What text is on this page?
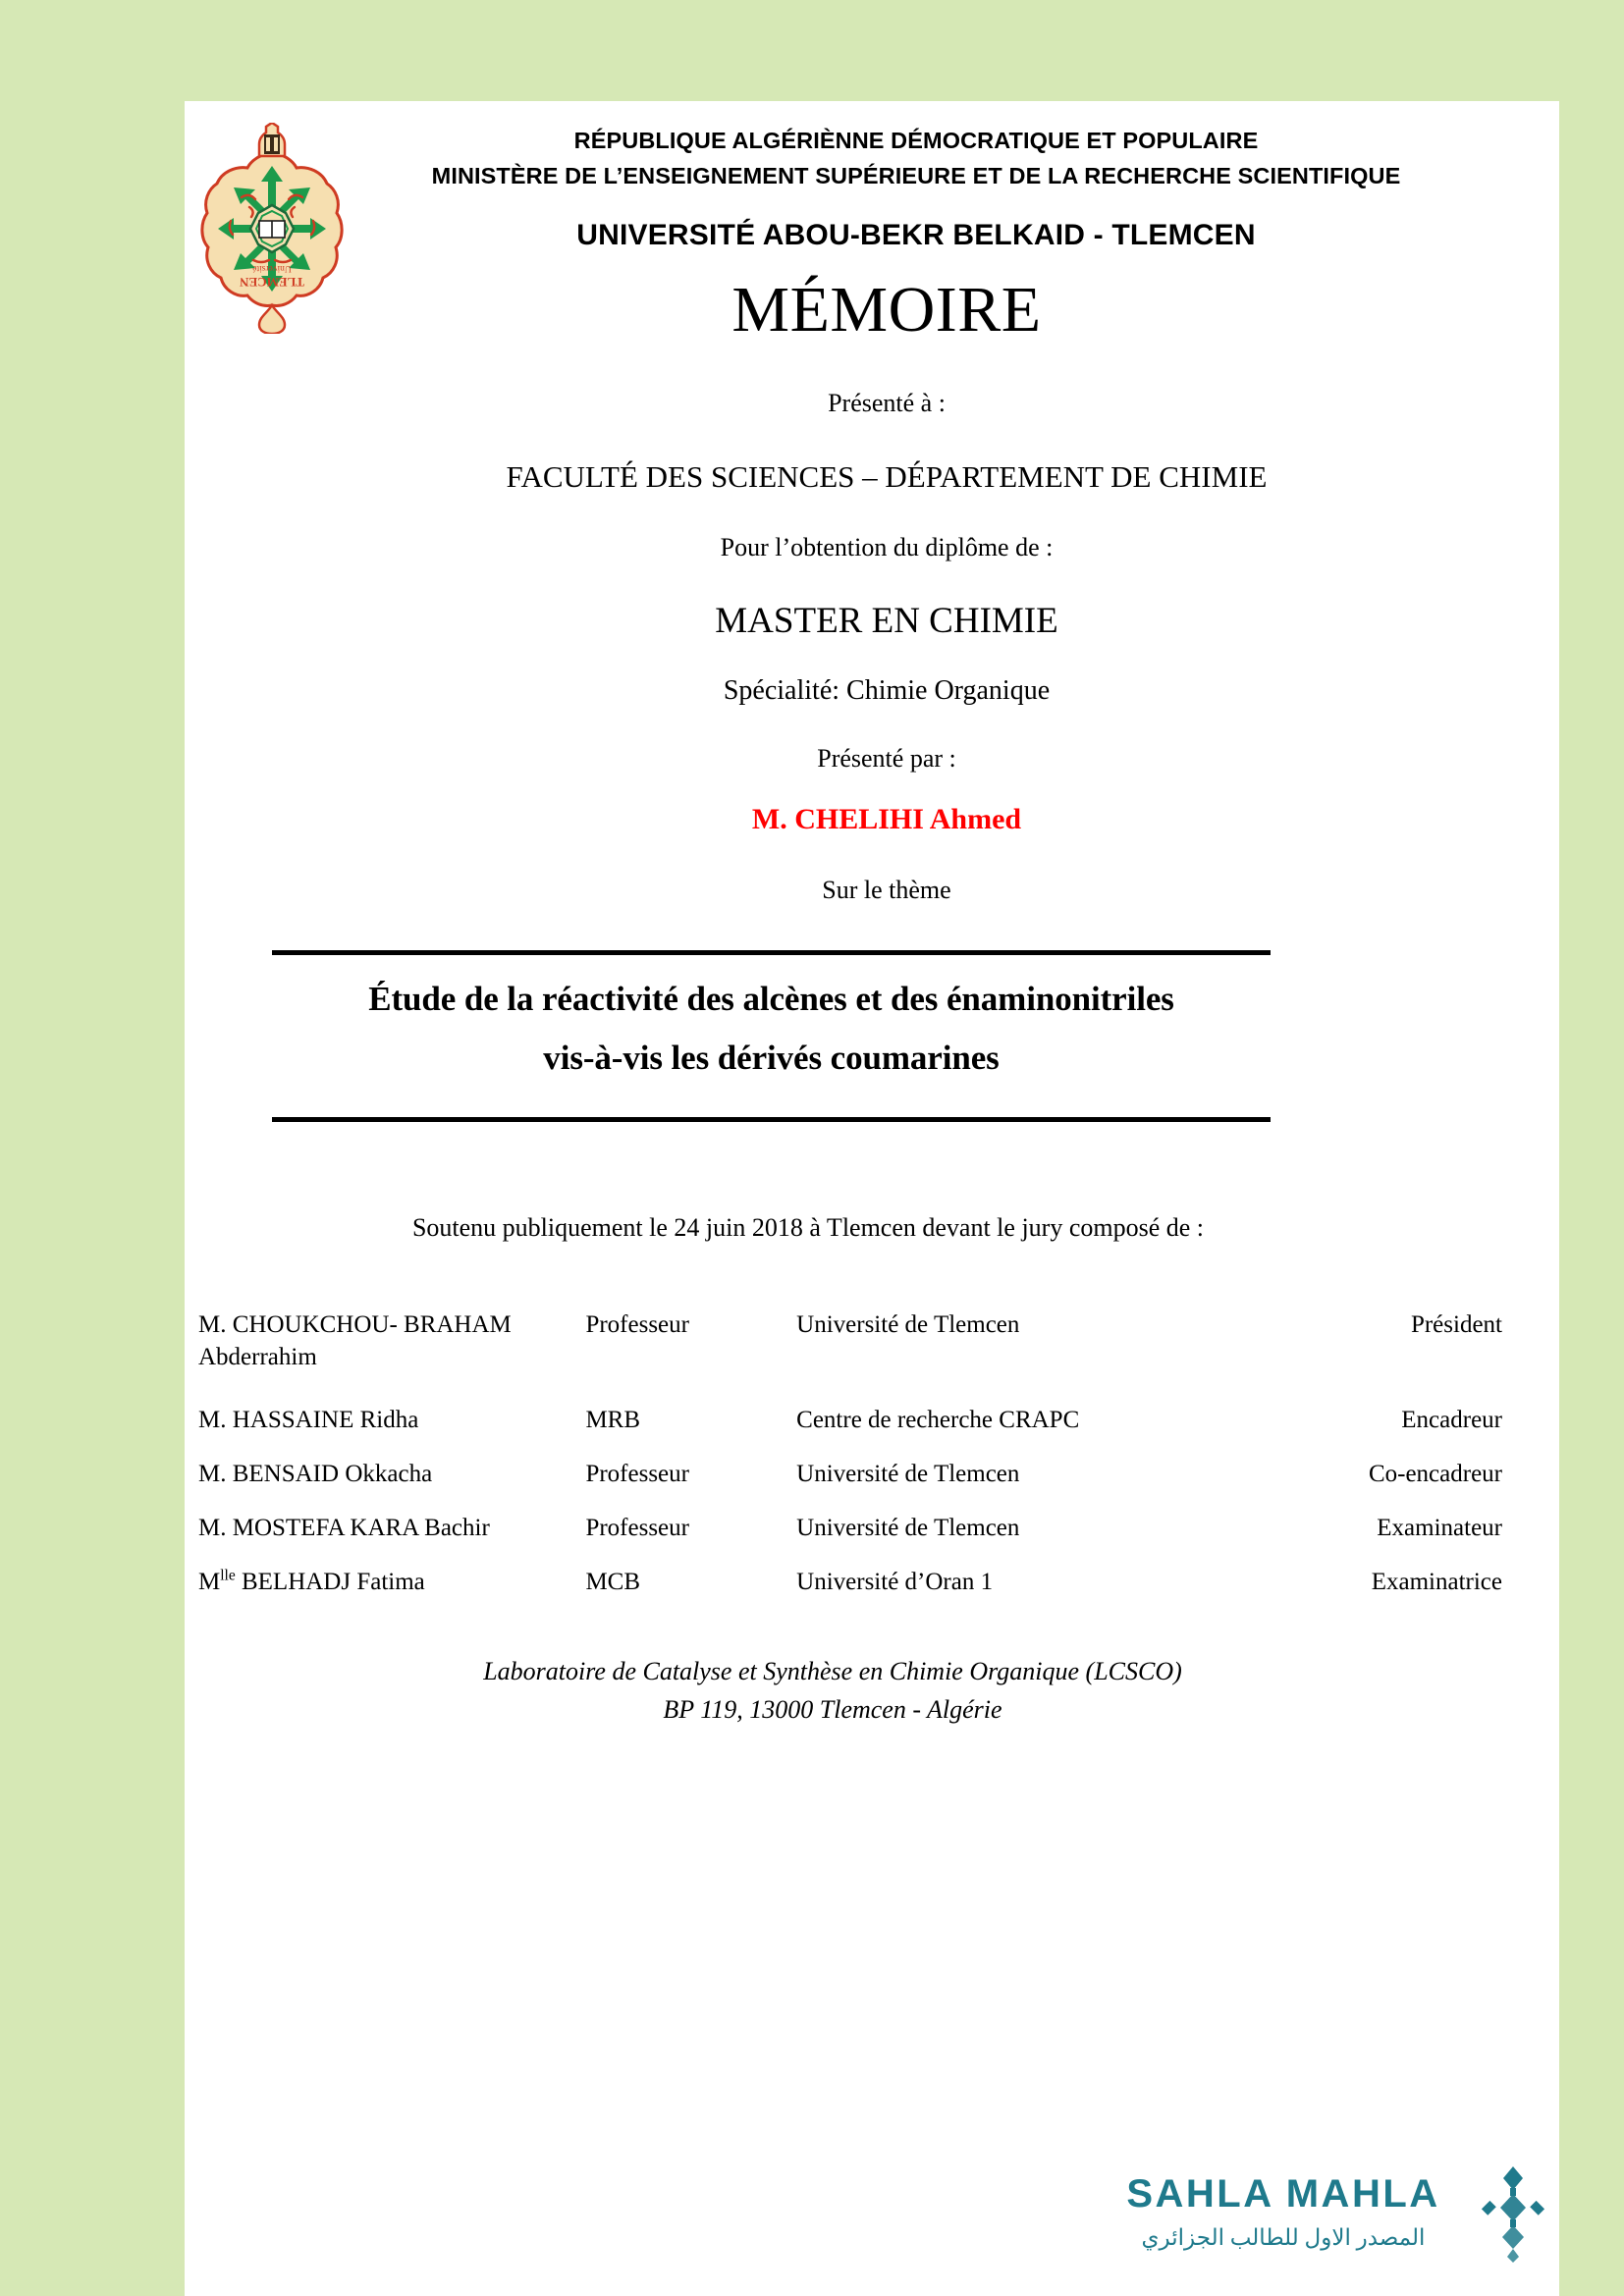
Université
TLEMCEN
RÉPUBLIQUE ALGÉRIÈNNE DÉMOCRATIQUE ET POPULAIRE
MINISTÈRE DE L’ENSEIGNEMENT SUPÉRIEURE ET DE LA RECHERCHE SCIENTIFIQUE
UNIVERSITÉ ABOU-BEKR BELKAID - TLEMCEN
MÉMOIRE
Présenté à :
FACULTÉ DES SCIENCES – DÉPARTEMENT DE CHIMIE
Pour l’obtention du diplôme de :
MASTER EN CHIMIE
Spécialité: Chimie Organique
Présenté par :
M. CHELIHI Ahmed
Sur le thème
Étude de la réactivité des alcènes et des énaminonitriles
vis-à-vis les dérivés coumarines
Soutenu publiquement le 24 juin 2018 à Tlemcen devant le jury composé de :
M. CHOUKCHOU- BRAHAM Abderrahim	Professeur	Université de Tlemcen	Président
M. HASSAINE Ridha	MRB	Centre de recherche CRAPC	Encadreur
M. BENSAID Okkacha	Professeur	Université de Tlemcen	Co-encadreur
M. MOSTEFA KARA Bachir	Professeur	Université de Tlemcen	Examinateur
$M^{lle}$ BELHADJ Fatima	MCB	Université d’Oran 1	Examinatrice
Laboratoire de Catalyse et Synthèse en Chimie Organique (LCSCO)
BP 119, 13000 Tlemcen - Algérie
SAHLA MAHLA
المصدر الاول للطالب الجزائري
